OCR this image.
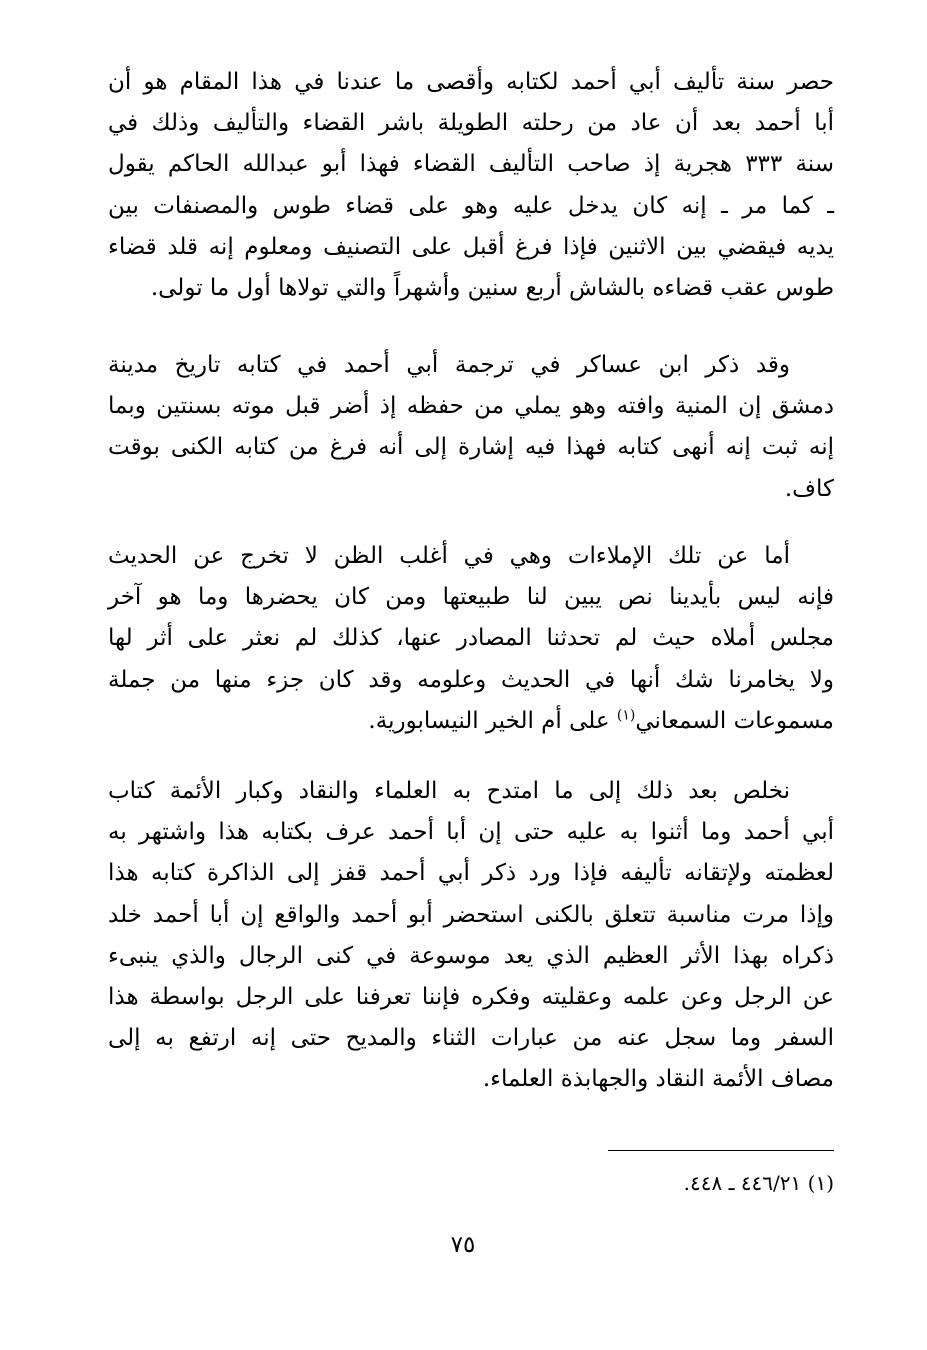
حصر سنة تأليف أبي أحمد لكتابه وأقصى ما عندنا في هذا المقام هو أن
أبا أحمد بعد أن عاد من رحلته الطويلة باشر القضاء والتأليف وذلك في
سنة ٣٣٣ هجرية إذ صاحب التأليف القضاء فهذا أبو عبدالله الحاكم يقول
ـ كما مر ـ إنه كان يدخل عليه وهو على قضاء طوس والمصنفات بين
يديه فيقضي بين الاثنين فإذا فرغ أقبل على التصنيف ومعلوم إنه قلد قضاء
طوس عقب قضاءه بالشاش أربع سنين وأشهراً والتي تولاها أول ما تولى.
وقد ذكر ابن عساكر في ترجمة أبي أحمد في كتابه تاريخ مدينة
دمشق إن المنية وافته وهو يملي من حفظه إذ أضر قبل موته بسنتين وبما
إنه ثبت إنه أنهى كتابه فهذا فيه إشارة إلى أنه فرغ من كتابه الكنى بوقت
كاف.
أما عن تلك الإملاءات وهي في أغلب الظن لا تخرج عن الحديث
فإنه ليس بأيدينا نص يبين لنا طبيعتها ومن كان يحضرها وما هو آخر
مجلس أملاه حيث لم تحدثنا المصادر عنها، كذلك لم نعثر على أثر لها
ولا يخامرنا شك أنها في الحديث وعلومه وقد كان جزء منها من جملة
مسموعات السمعاني$^{(١)}$ على أم الخير النيسابورية.
نخلص بعد ذلك إلى ما امتدح به العلماء والنقاد وكبار الأئمة كتاب
أبي أحمد وما أثنوا به عليه حتى إن أبا أحمد عرف بكتابه هذا واشتهر به
لعظمته ولإتقانه تأليفه فإذا ورد ذكر أبي أحمد قفز إلى الذاكرة كتابه هذا
وإذا مرت مناسبة تتعلق بالكنى استحضر أبو أحمد والواقع إن أبا أحمد خلد
ذكراه بهذا الأثر العظيم الذي يعد موسوعة في كنى الرجال والذي ينبىء
عن الرجل وعن علمه وعقليته وفكره فإننا تعرفنا على الرجل بواسطة هذا
السفر وما سجل عنه من عبارات الثناء والمديح حتى إنه ارتفع به إلى
مصاف الأئمة النقاد والجهابذة العلماء.
(١) ٤٤٦/٢١ ـ ٤٤٨.
٧٥
